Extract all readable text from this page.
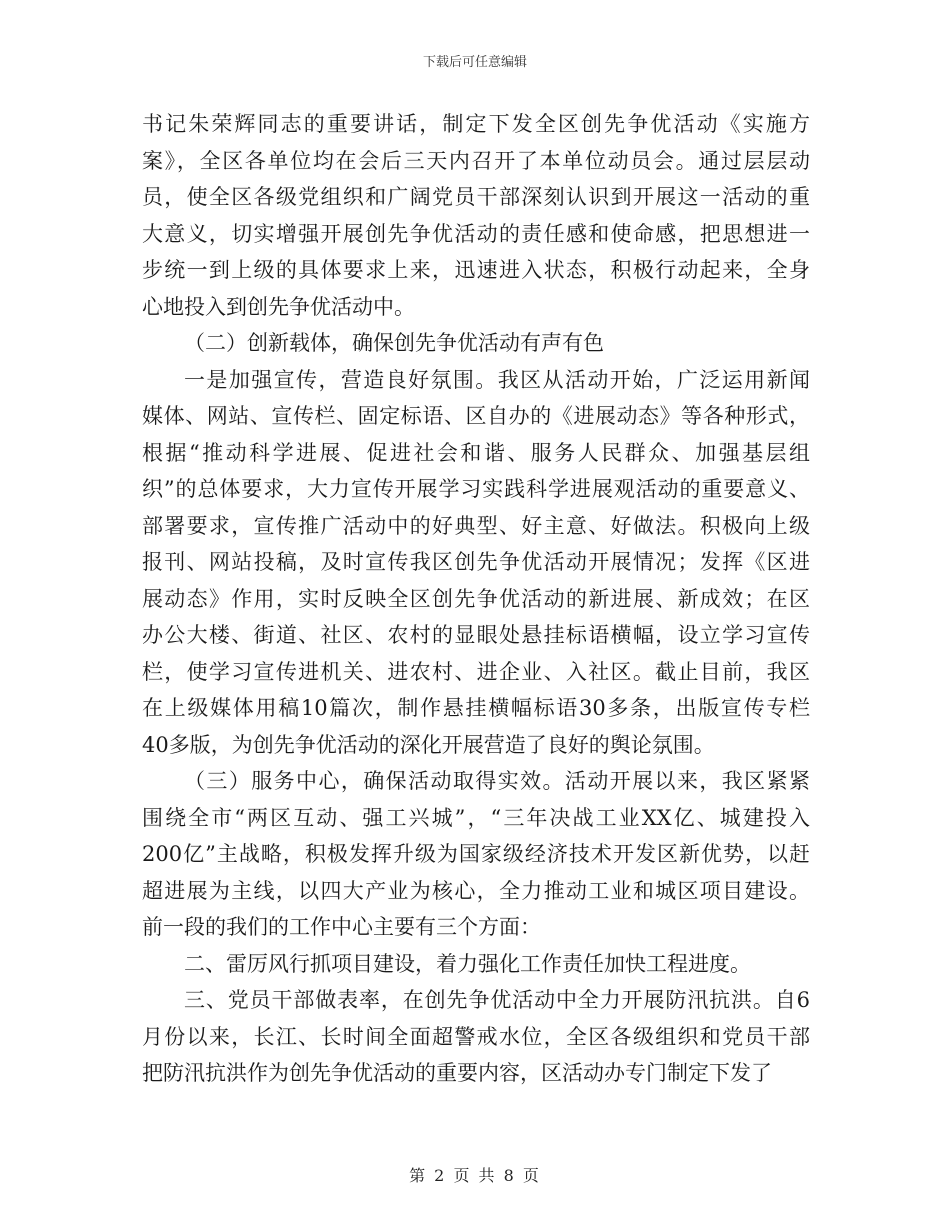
下载后可任意编辑
书记朱荣辉同志的重要讲话，制定下发全区创先争优活动《实施方
案》，全区各单位均在会后三天内召开了本单位动员会。通过层层动
员，使全区各级党组织和广阔党员干部深刻认识到开展这一活动的重
大意义，切实增强开展创先争优活动的责任感和使命感，把思想进一
步统一到上级的具体要求上来，迅速进入状态，积极行动起来，全身
心地投入到创先争优活动中。
（二）创新载体，确保创先争优活动有声有色
一是加强宣传，营造良好氛围。我区从活动开始，广泛运用新闻
媒体、网站、宣传栏、固定标语、区自办的《进展动态》等各种形式，
根据“推动科学进展、促进社会和谐、服务人民群众、加强基层组
织”的总体要求，大力宣传开展学习实践科学进展观活动的重要意义、
部署要求，宣传推广活动中的好典型、好主意、好做法。积极向上级
报刊、网站投稿，及时宣传我区创先争优活动开展情况；发挥《区进
展动态》作用，实时反映全区创先争优活动的新进展、新成效；在区
办公大楼、街道、社区、农村的显眼处悬挂标语横幅，设立学习宣传
栏，使学习宣传进机关、进农村、进企业、入社区。截止目前，我区
在上级媒体用稿10篇次，制作悬挂横幅标语30多条，出版宣传专栏
40多版，为创先争优活动的深化开展营造了良好的舆论氛围。
（三）服务中心，确保活动取得实效。活动开展以来，我区紧紧
围绕全市“两区互动、强工兴城”，“三年决战工业XX亿、城建投入
200亿”主战略，积极发挥升级为国家级经济技术开发区新优势，以赶
超进展为主线，以四大产业为核心，全力推动工业和城区项目建设。
前一段的我们的工作中心主要有三个方面：
二、雷厉风行抓项目建设，着力强化工作责任加快工程进度。
三、党员干部做表率，在创先争优活动中全力开展防汛抗洪。自6
月份以来，长江、长时间全面超警戒水位，全区各级组织和党员干部
把防汛抗洪作为创先争优活动的重要内容，区活动办专门制定下发了
第 2 页 共 8 页
